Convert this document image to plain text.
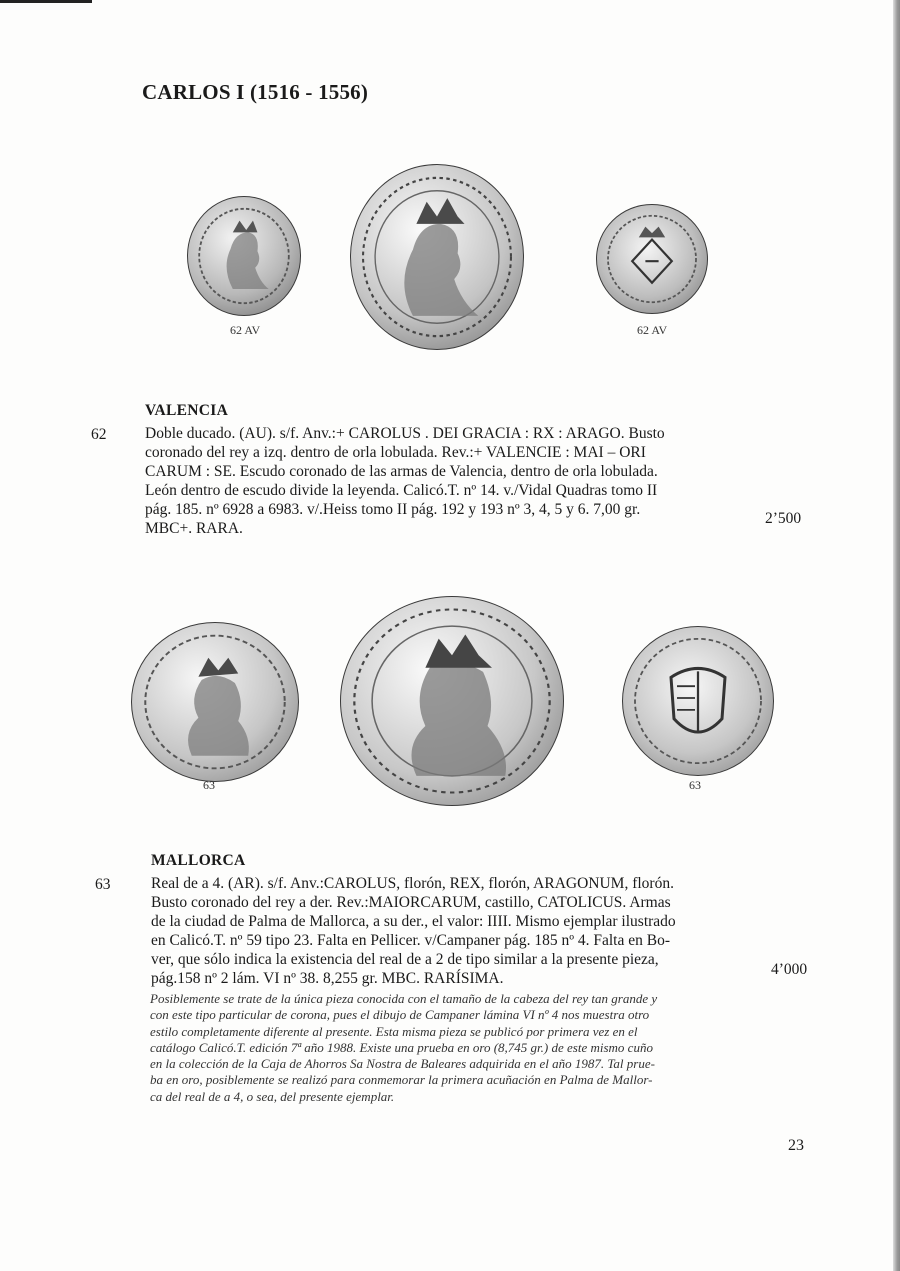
CARLOS I (1516 - 1556)
62 AV	62 AV
VALENCIA
62 Doble ducado. (AU). s/f. Anv.:+ CAROLUS . DEI GRACIA : RX : ARAGO. Busto
coronado del rey a izq. dentro de orla lobulada. Rev.:+ VALENCIE : MAI – ORI
CARUM : SE. Escudo coronado de las armas de Valencia, dentro de orla lobulada.
León dentro de escudo divide la leyenda. Calicó.T. nº 14. v./Vidal Quadras tomo II
pág. 185. nº 6928 a 6983. v/.Heiss tomo II pág. 192 y 193 nº 3, 4, 5 y 6. 7,00 gr.
MBC+. RARA.

2’500
63	63
MALLORCA
63	Real de a 4. (AR). s/f. Anv.:CAROLUS, florón, REX, florón, ARAGONUM, florón.
Busto coronado del rey a der. Rev.:MAIORCARUM, castillo, CATOLICUS. Armas
de la ciudad de Palma de Mallorca, a su der., el valor: IIII. Mismo ejemplar ilustrado
en Calicó.T. nº 59 tipo 23. Falta en Pellicer. v/Campaner pág. 185 nº 4. Falta en Bo-
ver, que sólo indica la existencia del real de a 2 de tipo similar a la presente pieza,
pág.158 nº 2 lám. VI nº 38. 8,255 gr. MBC. RARÍSIMA.

4’000

Posiblemente se trate de la única pieza conocida con el tamaño de la cabeza del rey tan grande y
con este tipo particular de corona, pues el dibujo de Campaner lámina VI nº 4 nos muestra otro
estilo completamente diferente al presente. Esta misma pieza se publicó por primera vez en el
catálogo Calicó.T. edición 7ª año 1988. Existe una prueba en oro (8,745 gr.) de este mismo cuño
en la colección de la Caja de Ahorros Sa Nostra de Baleares adquirida en el año 1987. Tal prue-
ba en oro, posiblemente se realizó para conmemorar la primera acuñación en Palma de Mallor-
ca del real de a 4, o sea, del presente ejemplar.

23
